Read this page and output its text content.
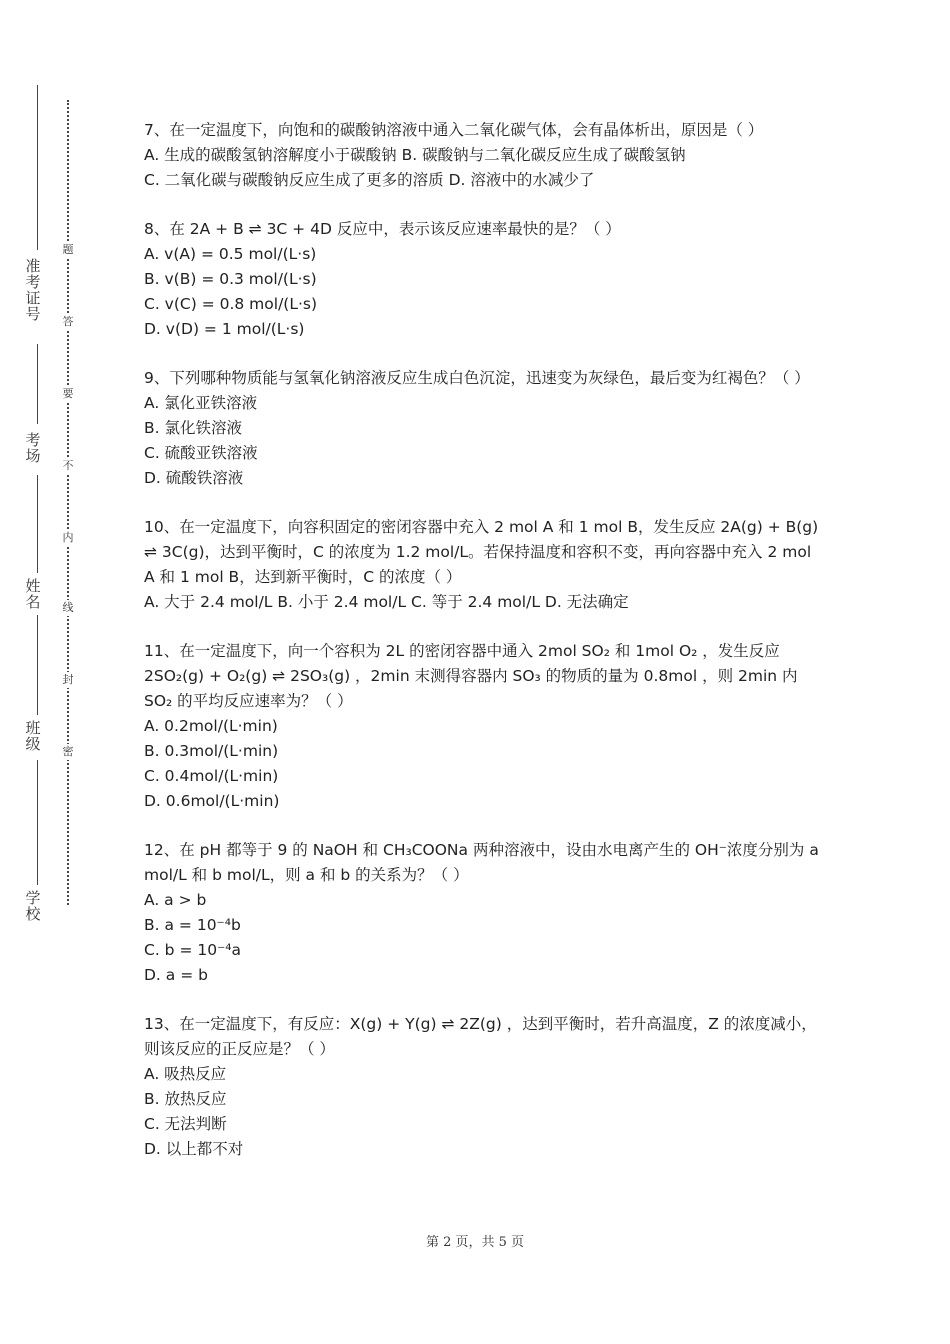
准
考
证
号
考
场
姓
名
班
级
学
校
题
答
要
不
内
线
封
密
7、在一定温度下，向饱和的碳酸钠溶液中通入二氧化碳气体，会有晶体析出，原因是（ ）
A. 生成的碳酸氢钠溶解度小于碳酸钠 B. 碳酸钠与二氧化碳反应生成了碳酸氢钠
C. 二氧化碳与碳酸钠反应生成了更多的溶质 D. 溶液中的水减少了
8、在 2A + B ⇌ 3C + 4D 反应中，表示该反应速率最快的是？（ ）
A. v(A) = 0.5 mol/(L·s)
B. v(B) = 0.3 mol/(L·s)
C. v(C) = 0.8 mol/(L·s)
D. v(D) = 1 mol/(L·s)
9、下列哪种物质能与氢氧化钠溶液反应生成白色沉淀，迅速变为灰绿色，最后变为红褐色？（ ）
A. 氯化亚铁溶液
B. 氯化铁溶液
C. 硫酸亚铁溶液
D. 硫酸铁溶液
10、在一定温度下，向容积固定的密闭容器中充入 2 mol A 和 1 mol B，发生反应 2A(g) + B(g) ⇌ 3C(g)，达到平衡时，C 的浓度为 1.2 mol/L。若保持温度和容积不变，再向容器中充入 2 mol A 和 1 mol B，达到新平衡时，C 的浓度（ ）
A. 大于 2.4 mol/L B. 小于 2.4 mol/L C. 等于 2.4 mol/L D. 无法确定
11、在一定温度下，向一个容积为 2L 的密闭容器中通入 2mol SO₂ 和 1mol O₂ ，发生反应 2SO₂(g) + O₂(g) ⇌ 2SO₃(g) ，2min 末测得容器内 SO₃ 的物质的量为 0.8mol ，则 2min 内 SO₂ 的平均反应速率为？（ ）
A. 0.2mol/(L·min)
B. 0.3mol/(L·min)
C. 0.4mol/(L·min)
D. 0.6mol/(L·min)
12、在 pH 都等于 9 的 NaOH 和 CH₃COONa 两种溶液中，设由水电离产生的 OH⁻浓度分别为 a mol/L 和 b mol/L，则 a 和 b 的关系为？（ ）
A. a > b
B. a = 10⁻⁴b
C. b = 10⁻⁴a
D. a = b
13、在一定温度下，有反应：X(g) + Y(g) ⇌ 2Z(g) ，达到平衡时，若升高温度，Z 的浓度减小，则该反应的正反应是？（ ）
A. 吸热反应
B. 放热反应
C. 无法判断
D. 以上都不对
第 2 页，共 5 页
